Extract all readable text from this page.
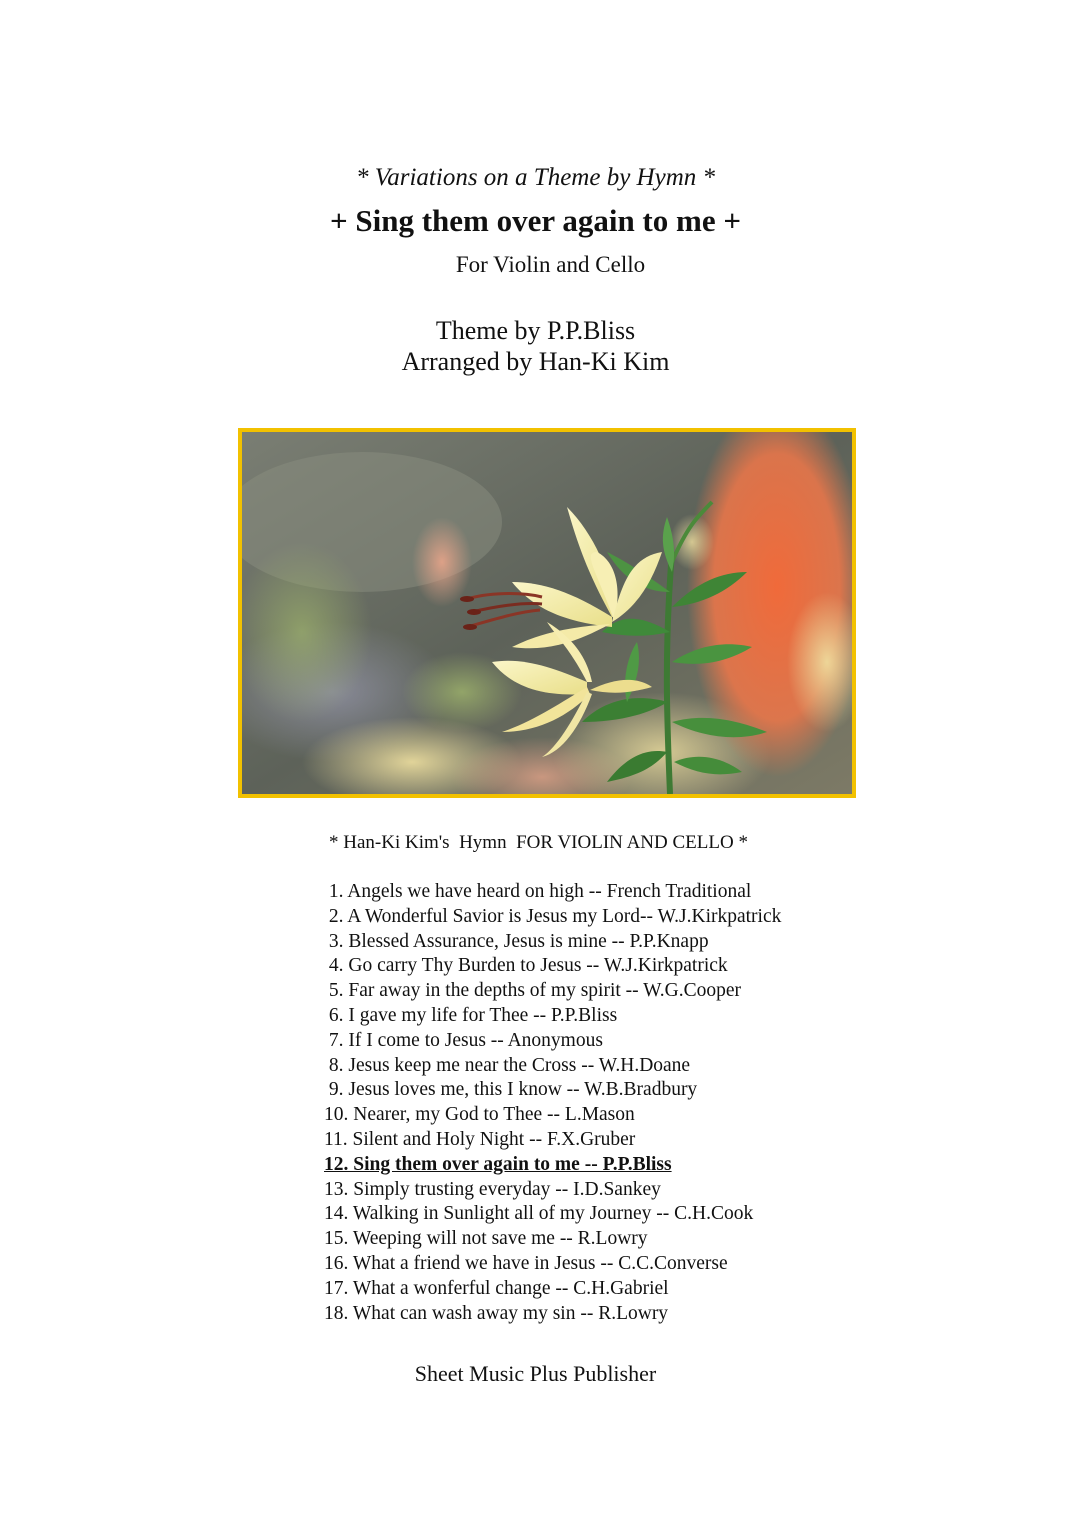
* Variations on a Theme by Hymn *
+ Sing them over again to me +
For Violin and Cello
Theme by P.P.Bliss
Arranged by Han-Ki Kim
* Han-Ki Kim's  Hymn  FOR VIOLIN AND CELLO *
1. Angels we have heard on high -- French Traditional
2. A Wonderful Savior is Jesus my Lord-- W.J.Kirkpatrick
3. Blessed Assurance, Jesus is mine -- P.P.Knapp
4. Go carry Thy Burden to Jesus -- W.J.Kirkpatrick
5. Far away in the depths of my spirit -- W.G.Cooper
6. I gave my life for Thee -- P.P.Bliss
7. If I come to Jesus -- Anonymous
8. Jesus keep me near the Cross -- W.H.Doane
9. Jesus loves me, this I know -- W.B.Bradbury
10. Nearer, my God to Thee -- L.Mason
11. Silent and Holy Night -- F.X.Gruber
12. Sing them over again to me -- P.P.Bliss
13. Simply trusting everyday -- I.D.Sankey
14. Walking in Sunlight all of my Journey -- C.H.Cook
15. Weeping will not save me -- R.Lowry
16. What a friend we have in Jesus -- C.C.Converse
17. What a wonferful change -- C.H.Gabriel
18. What can wash away my sin -- R.Lowry
Sheet Music Plus Publisher
